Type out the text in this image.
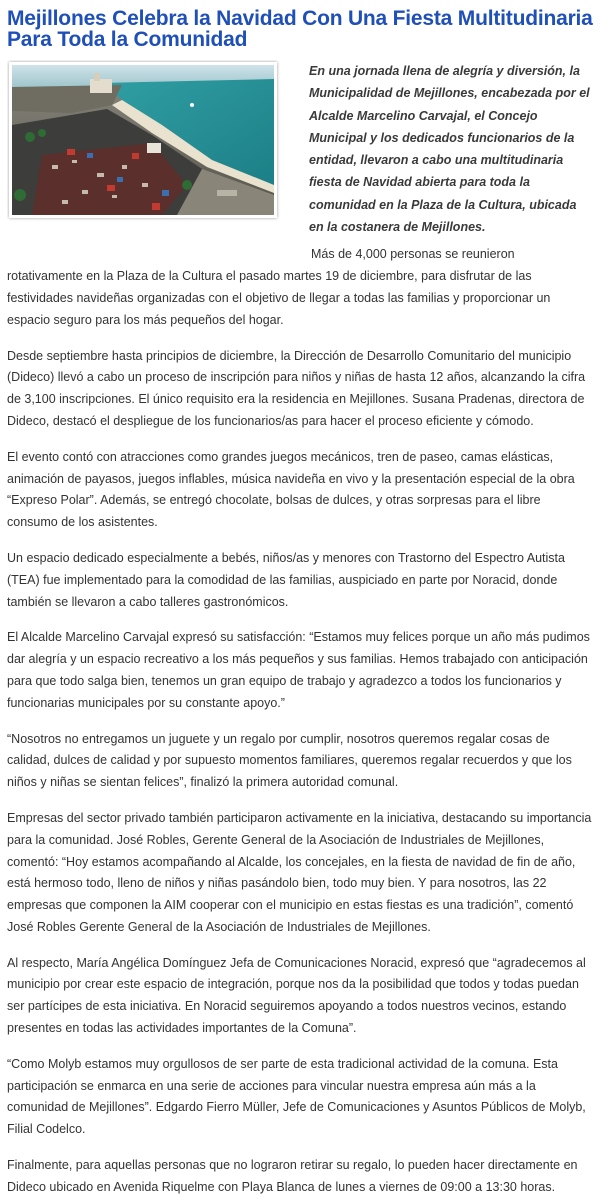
Mejillones Celebra la Navidad Con Una Fiesta Multitudinaria Para Toda la Comunidad
En una jornada llena de alegría y diversión, la Municipalidad de Mejillones, encabezada por el Alcalde Marcelino Carvajal, el Concejo Municipal y los dedicados funcionarios de la entidad, llevaron a cabo una multitudinaria fiesta de Navidad abierta para toda la comunidad en la Plaza de la Cultura, ubicada en la costanera de Mejillones.

Más de 4,000 personas se reunieron rotativamente en la Plaza de la Cultura el pasado martes 19 de diciembre, para disfrutar de las festividades navideñas organizadas con el objetivo de llegar a todas las familias y proporcionar un espacio seguro para los más pequeños del hogar.

Desde septiembre hasta principios de diciembre, la Dirección de Desarrollo Comunitario del municipio (Dideco) llevó a cabo un proceso de inscripción para niños y niñas de hasta 12 años, alcanzando la cifra de 3,100 inscripciones. El único requisito era la residencia en Mejillones. Susana Pradenas, directora de Dideco, destacó el despliegue de los funcionarios/as para hacer el proceso eficiente y cómodo.

El evento contó con atracciones como grandes juegos mecánicos, tren de paseo, camas elásticas, animación de payasos, juegos inflables, música navideña en vivo y la presentación especial de la obra “Expreso Polar”. Además, se entregó chocolate, bolsas de dulces, y otras sorpresas para el libre consumo de los asistentes.

Un espacio dedicado especialmente a bebés, niños/as y menores con Trastorno del Espectro Autista (TEA) fue implementado para la comodidad de las familias, auspiciado en parte por Noracid, donde también se llevaron a cabo talleres gastronómicos.

El Alcalde Marcelino Carvajal expresó su satisfacción: “Estamos muy felices porque un año más pudimos dar alegría y un espacio recreativo a los más pequeños y sus familias. Hemos trabajado con anticipación para que todo salga bien, tenemos un gran equipo de trabajo y agradezco a todos los funcionarios y funcionarias municipales por su constante apoyo.”

“Nosotros no entregamos un juguete y un regalo por cumplir, nosotros queremos regalar cosas de calidad, dulces de calidad y por supuesto momentos familiares, queremos regalar recuerdos y que los niños y niñas se sientan felices”, finalizó la primera autoridad comunal.

Empresas del sector privado también participaron activamente en la iniciativa, destacando su importancia para la comunidad. José Robles, Gerente General de la Asociación de Industriales de Mejillones, comentó: “Hoy estamos acompañando al Alcalde, los concejales, en la fiesta de navidad de fin de año, está hermoso todo, lleno de niños y niñas pasándolo bien, todo muy bien. Y para nosotros, las 22 empresas que componen la AIM cooperar con el municipio en estas fiestas es una tradición”, comentó José Robles Gerente General de la Asociación de Industriales de Mejillones.

Al respecto, María Angélica Domínguez Jefa de Comunicaciones Noracid, expresó que “agradecemos al municipio por crear este espacio de integración, porque nos da la posibilidad que todos y todas puedan ser partícipes de esta iniciativa. En Noracid seguiremos apoyando a todos nuestros vecinos, estando presentes en todas las actividades importantes de la Comuna”.

“Como Molyb estamos muy orgullosos de ser parte de esta tradicional actividad de la comuna. Esta participación se enmarca en una serie de acciones para vincular nuestra empresa aún más a la comunidad de Mejillones”. Edgardo Fierro Müller, Jefe de Comunicaciones y Asuntos Públicos de Molyb, Filial Codelco.

Finalmente, para aquellas personas que no lograron retirar su regalo, lo pueden hacer directamente en Dideco ubicado en Avenida Riquelme con Playa Blanca de lunes a viernes de 09:00 a 13:30 horas.
